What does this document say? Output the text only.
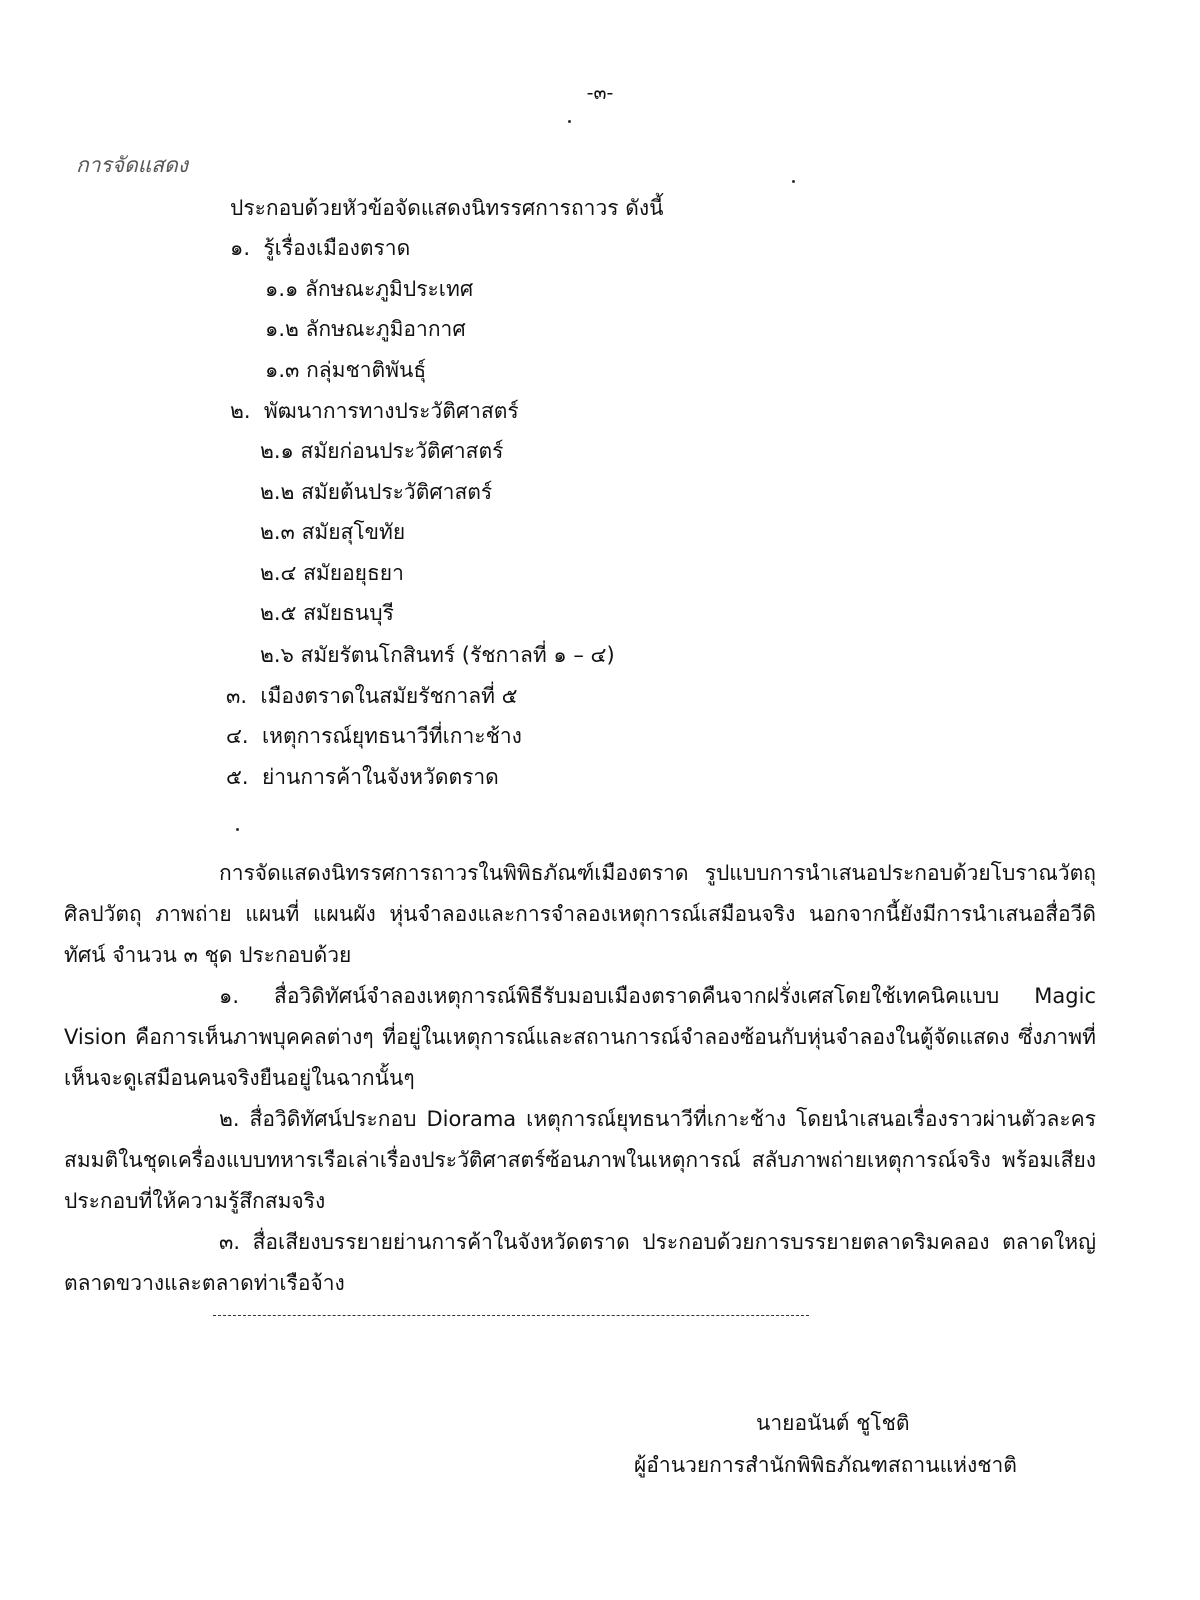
-๓-
การจัดแสดง
ประกอบด้วยหัวข้อจัดแสดงนิทรรศการถาวร ดังนี้
๑. รู้เรื่องเมืองตราด
๑.๑ ลักษณะภูมิประเทศ
๑.๒ ลักษณะภูมิอากาศ
๑.๓ กลุ่มชาติพันธุ์
๒. พัฒนาการทางประวัติศาสตร์
๒.๑ สมัยก่อนประวัติศาสตร์
๒.๒ สมัยต้นประวัติศาสตร์
๒.๓ สมัยสุโขทัย
๒.๔ สมัยอยุธยา
๒.๕ สมัยธนบุรี
๒.๖ สมัยรัตนโกสินทร์ (รัชกาลที่ ๑ – ๔)
๓. เมืองตราดในสมัยรัชกาลที่ ๕
๔. เหตุการณ์ยุทธนาวีที่เกาะช้าง
๕. ย่านการค้าในจังหวัดตราด
การจัดแสดงนิทรรศการถาวรในพิพิธภัณฑ์เมืองตราด รูปแบบการนำเสนอประกอบด้วยโบราณวัตถุ ศิลปวัตถุ ภาพถ่าย แผนที่ แผนผัง หุ่นจำลองและการจำลองเหตุการณ์เสมือนจริง นอกจากนี้ยังมีการนำเสนอสื่อวีดิทัศน์ จำนวน ๓ ชุด ประกอบด้วย
๑. สื่อวิดิทัศน์จำลองเหตุการณ์พิธีรับมอบเมืองตราดคืนจากฝรั่งเศสโดยใช้เทคนิคแบบ Magic Vision คือการเห็นภาพบุคคลต่างๆ ที่อยู่ในเหตุการณ์และสถานการณ์จำลองซ้อนกับหุ่นจำลองในตู้จัดแสดง ซึ่งภาพที่เห็นจะดูเสมือนคนจริงยืนอยู่ในฉากนั้นๆ
๒. สื่อวิดิทัศน์ประกอบ Diorama เหตุการณ์ยุทธนาวีที่เกาะช้าง โดยนำเสนอเรื่องราวผ่านตัวละครสมมติในชุดเครื่องแบบทหารเรือเล่าเรื่องประวัติศาสตร์ซ้อนภาพในเหตุการณ์ สลับภาพถ่ายเหตุการณ์จริง พร้อมเสียงประกอบที่ให้ความรู้สึกสมจริง
๓. สื่อเสียงบรรยายย่านการค้าในจังหวัดตราด ประกอบด้วยการบรรยายตลาดริมคลอง ตลาดใหญ่ ตลาดขวางและตลาดท่าเรือจ้าง
นายอนันต์ ชูโชติ
ผู้อำนวยการสำนักพิพิธภัณฑสถานแห่งชาติ
